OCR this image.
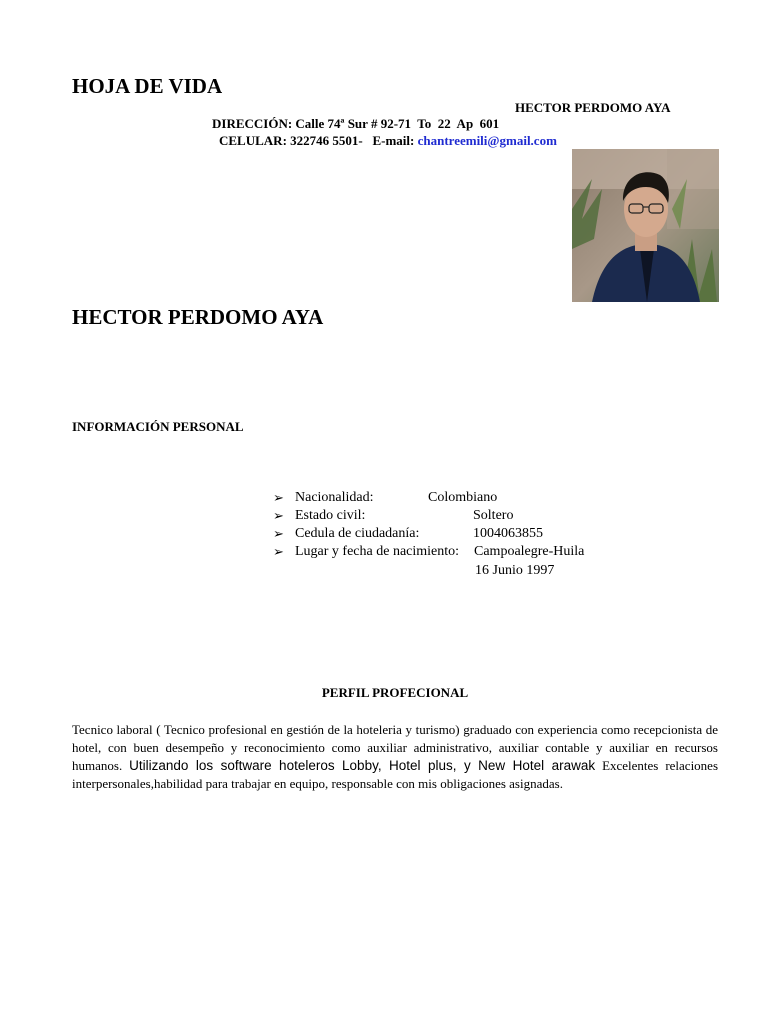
HOJA DE VIDA
HECTOR PERDOMO AYA
DIRECCIÓN: Calle 74ª Sur # 92-71  To  22  Ap  601
CELULAR: 322746 5501-   E-mail: chantreemili@gmail.com
HECTOR PERDOMO AYA
INFORMACIÓN PERSONAL
➢ Nacionalidad:	Colombiano
➢ Estado civil:	Soltero
➢ Cedula de ciudadanía:	1004063855
➢ Lugar y fecha de nacimiento: Campoalegre-Huila
16 Junio 1997
PERFIL PROFECIONAL
Tecnico laboral ( Tecnico profesional en gestión de la hoteleria y turismo) graduado con experiencia como recepcionista de hotel, con buen desempeño y reconocimiento como auxiliar administrativo, auxiliar contable y auxiliar en recursos humanos. Utilizando los software hoteleros Lobby, Hotel plus, y New Hotel arawak Excelentes relaciones interpersonales,habilidad para trabajar en equipo, responsable con mis obligaciones asignadas.
